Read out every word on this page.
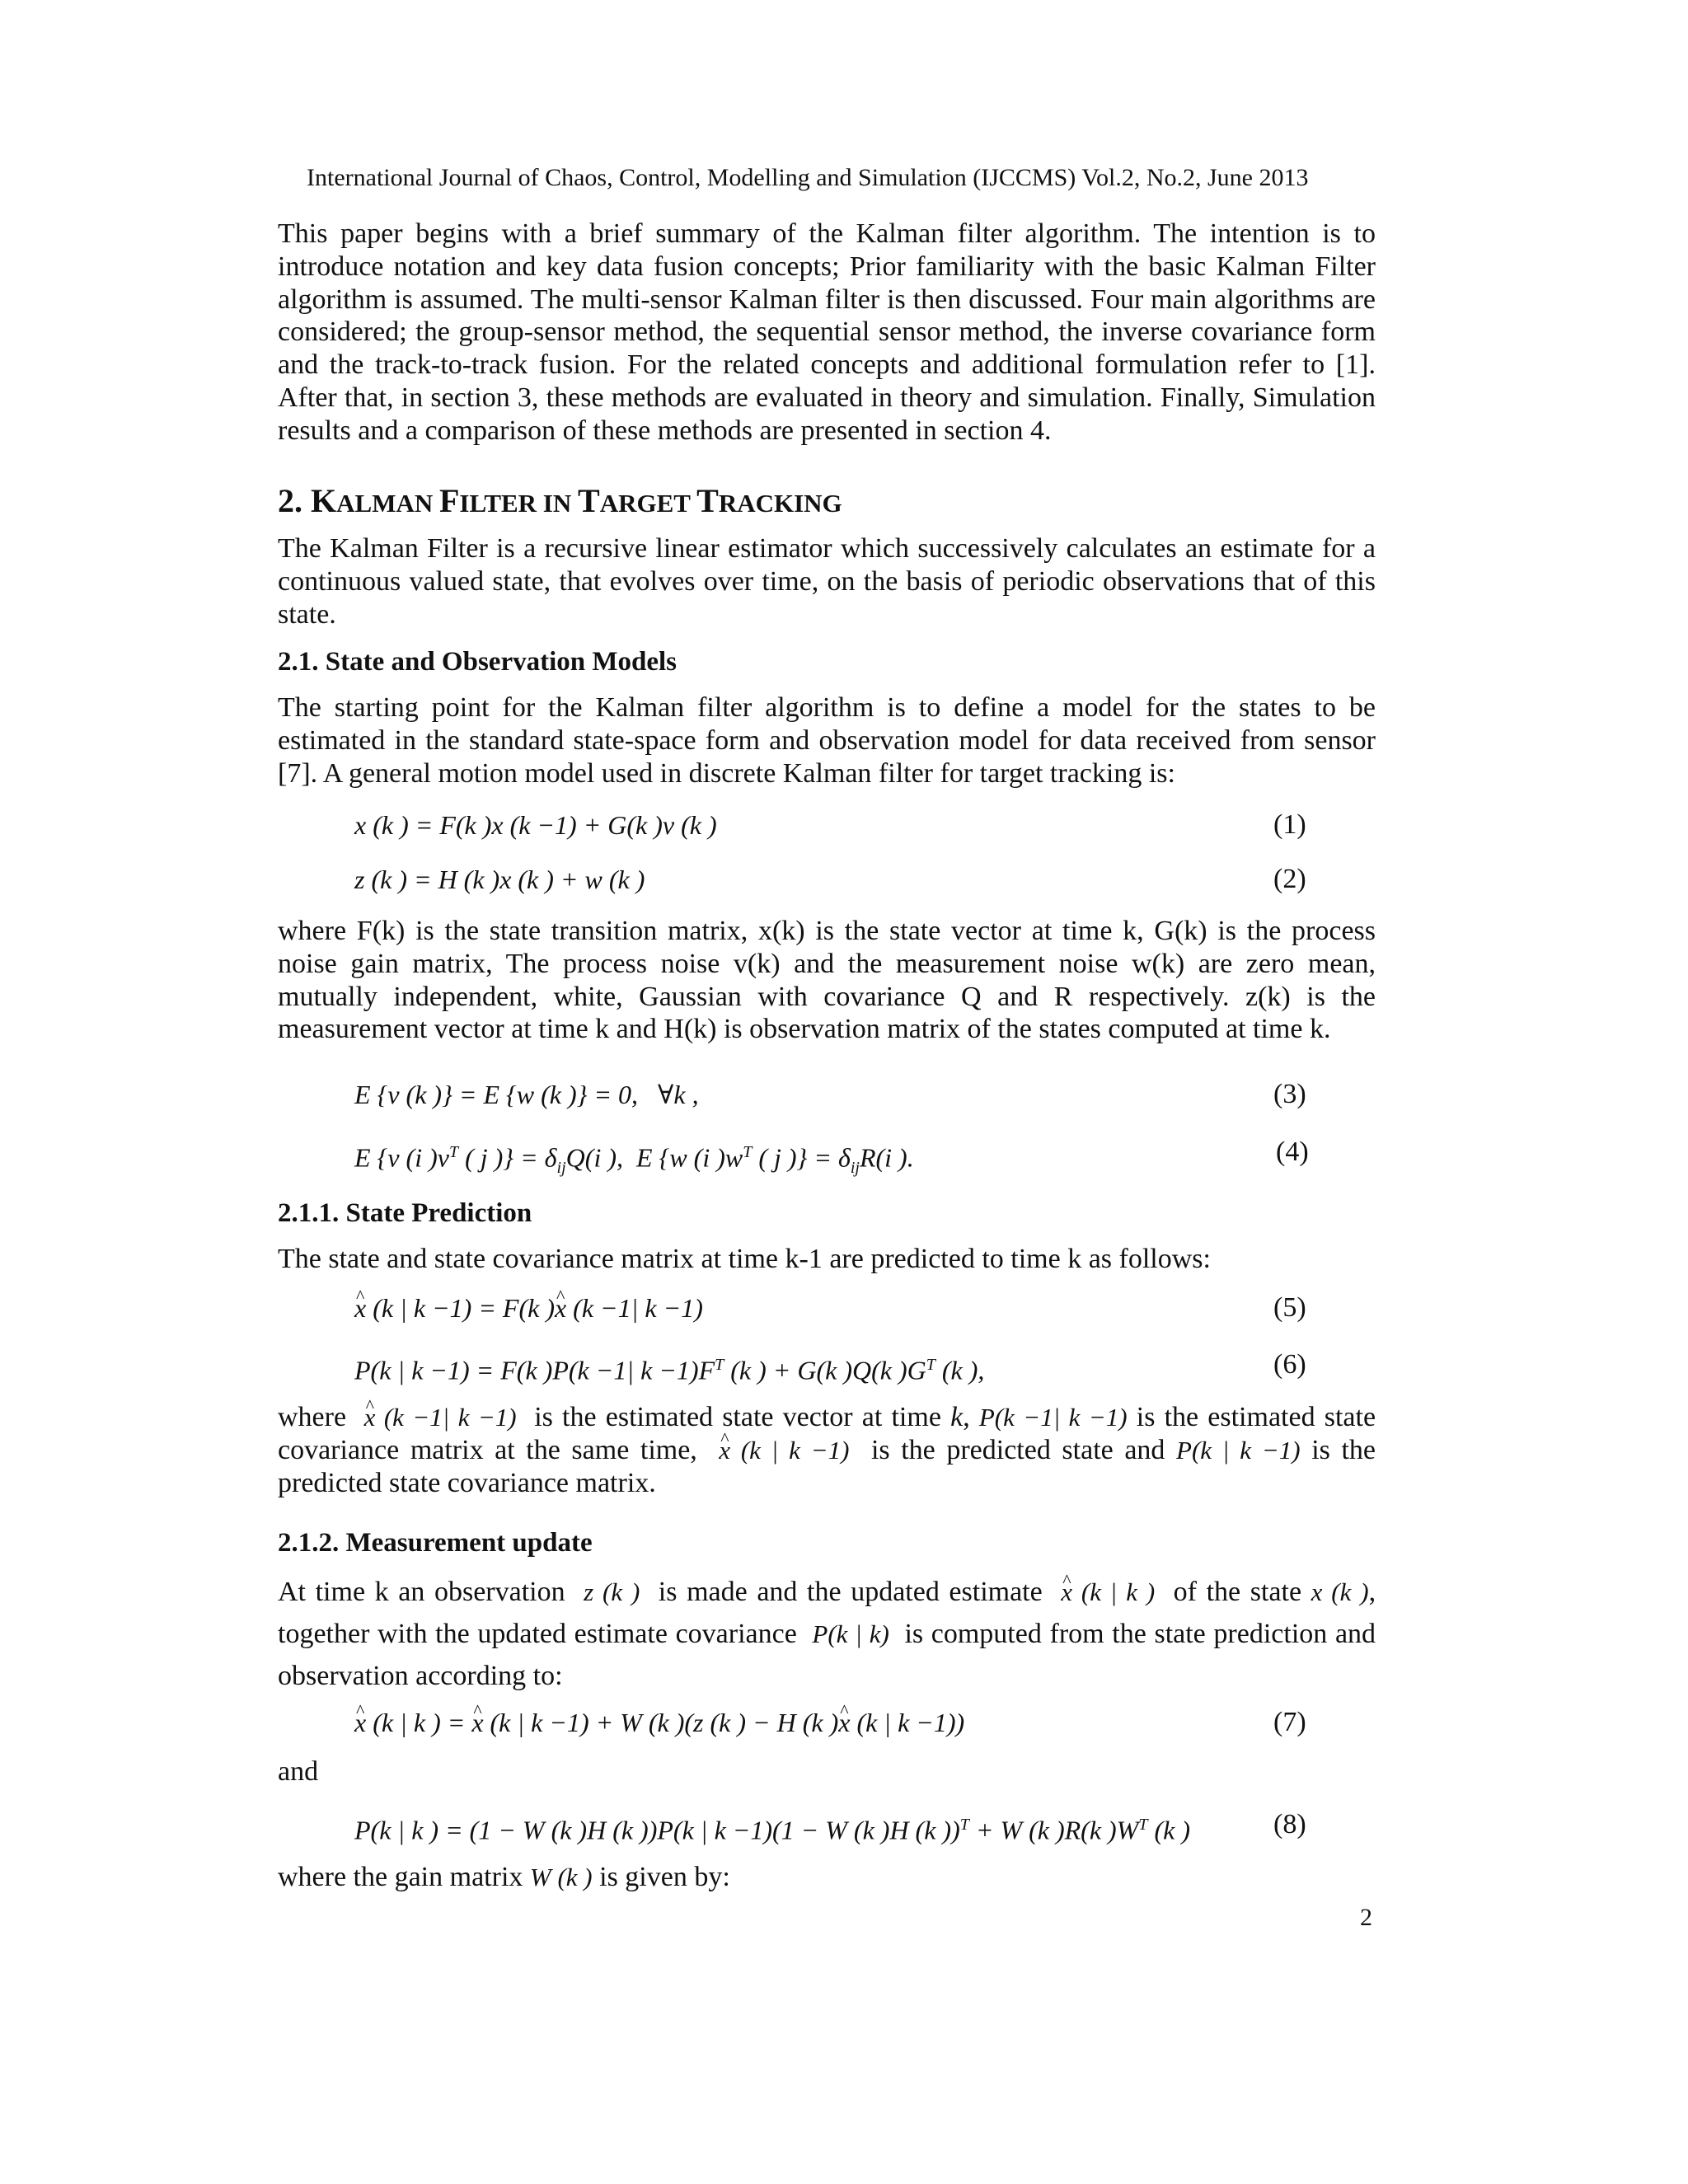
International Journal of Chaos, Control, Modelling and Simulation (IJCCMS) Vol.2, No.2, June 2013

This paper begins with a brief summary of the Kalman filter algorithm. The intention is to introduce notation and key data fusion concepts; Prior familiarity with the basic Kalman Filter algorithm is assumed. The multi-sensor Kalman filter is then discussed. Four main algorithms are considered; the group-sensor method, the sequential sensor method, the inverse covariance form and the track-to-track fusion. For the related concepts and additional formulation refer to [1]. After that, in section 3, these methods are evaluated in theory and simulation. Finally, Simulation results and a comparison of these methods are presented in section 4.

2. KALMAN FILTER IN TARGET TRACKING

The Kalman Filter is a recursive linear estimator which successively calculates an estimate for a continuous valued state, that evolves over time, on the basis of periodic observations that of this state.

2.1. State and Observation Models

The starting point for the Kalman filter algorithm is to define a model for the states to be estimated in the standard state-space form and observation model for data received from sensor [7]. A general motion model used in discrete Kalman filter for target tracking is:

x (k ) = F(k )x (k −1) + G(k )v (k )	(1)
z (k ) = H (k )x (k ) + w (k )	(2)

where F(k) is the state transition matrix, x(k) is the state vector at time k, G(k) is the process noise gain matrix, The process noise v(k) and the measurement noise w(k) are zero mean, mutually independent, white, Gaussian with covariance Q and R respectively. z(k) is the measurement vector at time k and H(k) is observation matrix of the states computed at time k.

E {v (k )} = E {w (k )} = 0,   ∀k ,	(3)
E {v (i )$v^T$ ( j )} = $\delta_{ij}Q(i$ ),  E {w (i )$w^T$ ( j )} = $\delta_{ij}R(i$ ).	(4)
2.1.1. State Prediction

The state and state covariance matrix at time k-1 are predicted to time k as follows:

^ x (k | k −1) = F(k )^ x (k −1| k −1)	(5)
P(k | k −1) = F(k )P(k −1| $k -1)F^T$ (k ) + G(k )Q(k )$G^T$ (k ),	(6)
where ^ x (k −1| k −1)  is the estimated state vector at time k, P(k −1| k −1) is the estimated state covariance matrix at the same time, ^ x (k | k −1)  is the predicted state and P(k | k −1) is the predicted state covariance matrix.
2.1.2. Measurement update
At time k an observation  z (k )  is made and the updated estimate ^ x (k | k )  of the state x (k ), together with the updated estimate covariance  P(k | k)  is computed from the state prediction and observation according to:
^ x (k | k ) = ^ x (k | k −1) + W (k )(z (k ) − H (k )^ x (k | k −1))	(7)
and
P(k | k ) = (1 − W (k )H (k ))P(k | k −1)(1 − W (k )H (k ))$^T$ + W (k )R(k )$W^T$ (k )	(8)
where the gain matrix W (k ) is given by:
2
